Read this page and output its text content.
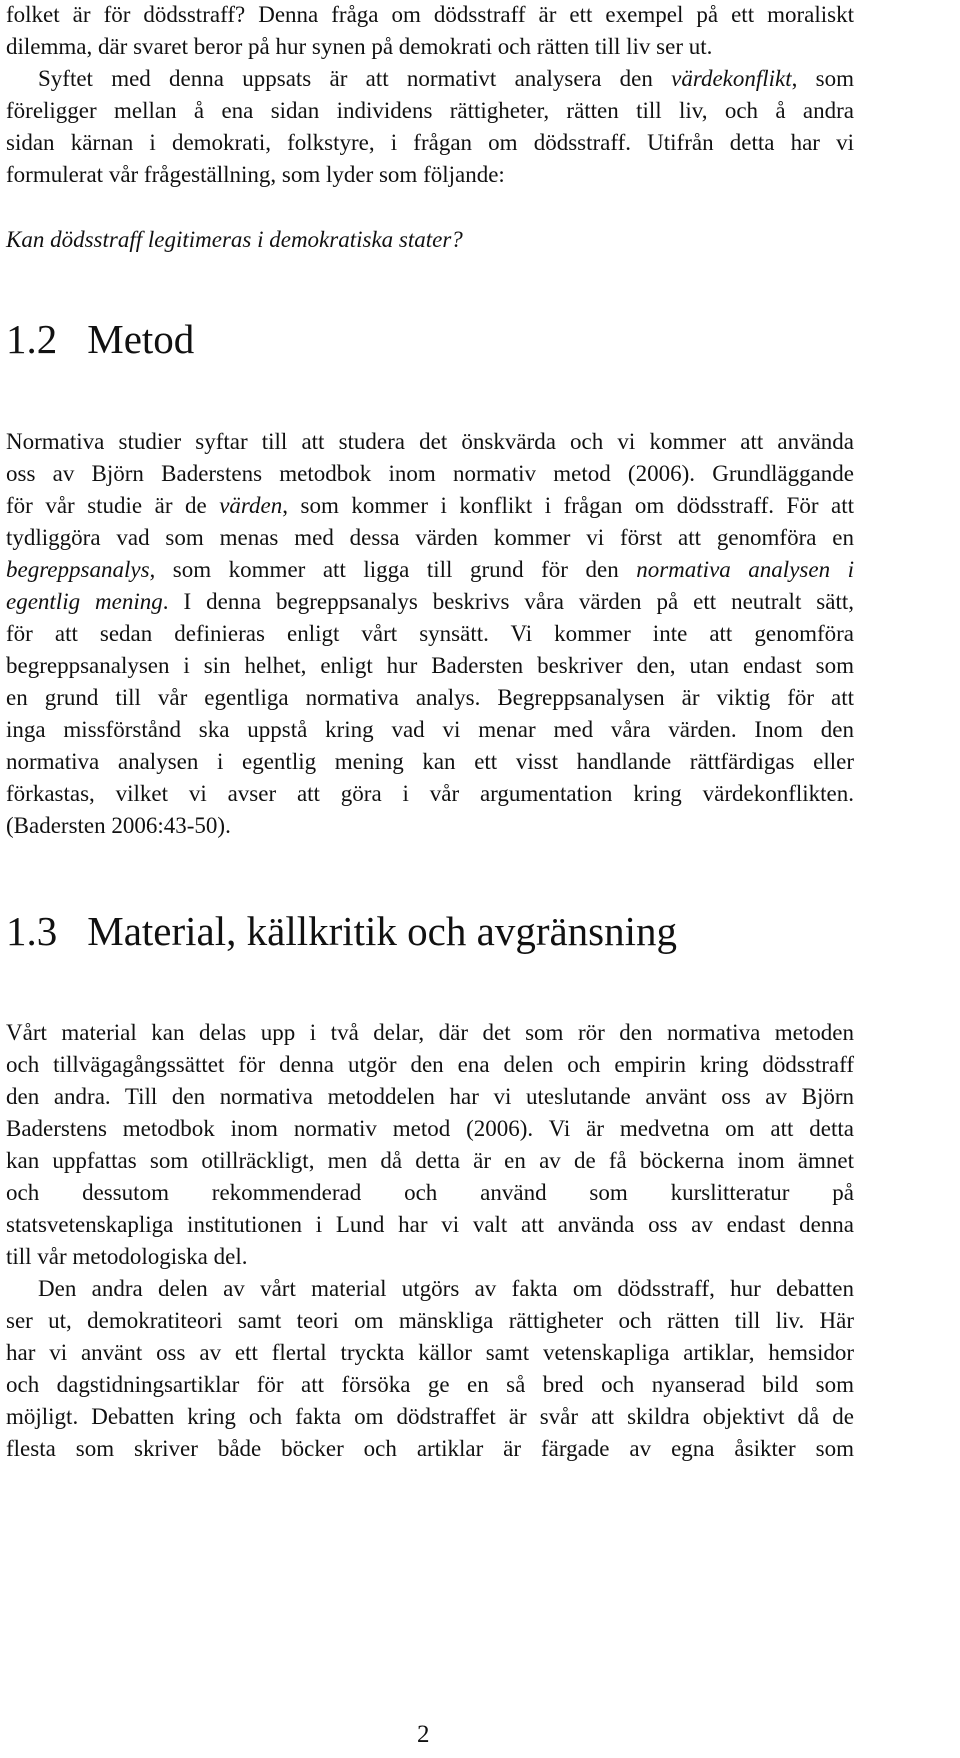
folket är för dödsstraff? Denna fråga om dödsstraff är ett exempel på ett moraliskt
dilemma, där svaret beror på hur synen på demokrati och rätten till liv ser ut.
Syftet med denna uppsats är att normativt analysera den värdekonflikt, som
föreligger mellan å ena sidan individens rättigheter, rätten till liv, och å andra
sidan kärnan i demokrati, folkstyre, i frågan om dödsstraff. Utifrån detta har vi
formulerat vår frågeställning, som lyder som följande:
Kan dödsstraff legitimeras i demokratiska stater?
1.2 Metod
Normativa studier syftar till att studera det önskvärda och vi kommer att använda
oss av Björn Baderstens metodbok inom normativ metod (2006). Grundläggande
för vår studie är de värden, som kommer i konflikt i frågan om dödsstraff. För att
tydliggöra vad som menas med dessa värden kommer vi först att genomföra en
begreppsanalys, som kommer att ligga till grund för den normativa analysen i
egentlig mening. I denna begreppsanalys beskrivs våra värden på ett neutralt sätt,
för att sedan definieras enligt vårt synsätt. Vi kommer inte att genomföra
begreppsanalysen i sin helhet, enligt hur Badersten beskriver den, utan endast som
en grund till vår egentliga normativa analys. Begreppsanalysen är viktig för att
inga missförstånd ska uppstå kring vad vi menar med våra värden. Inom den
normativa analysen i egentlig mening kan ett visst handlande rättfärdigas eller
förkastas, vilket vi avser att göra i vår argumentation kring värdekonflikten.
(Badersten 2006:43-50).
1.3 Material, källkritik och avgränsning
Vårt material kan delas upp i två delar, där det som rör den normativa metoden
och tillvägagångssättet för denna utgör den ena delen och empirin kring dödsstraff
den andra. Till den normativa metoddelen har vi uteslutande använt oss av Björn
Baderstens metodbok inom normativ metod (2006). Vi är medvetna om att detta
kan uppfattas som otillräckligt, men då detta är en av de få böckerna inom ämnet
och dessutom rekommenderad och använd som kurslitteratur på
statsvetenskapliga institutionen i Lund har vi valt att använda oss av endast denna
till vår metodologiska del.
Den andra delen av vårt material utgörs av fakta om dödsstraff, hur debatten
ser ut, demokratiteori samt teori om mänskliga rättigheter och rätten till liv. Här
har vi använt oss av ett flertal tryckta källor samt vetenskapliga artiklar, hemsidor
och dagstidningsartiklar för att försöka ge en så bred och nyanserad bild som
möjligt. Debatten kring och fakta om dödstraffet är svår att skildra objektivt då de
flesta som skriver både böcker och artiklar är färgade av egna åsikter som
2
